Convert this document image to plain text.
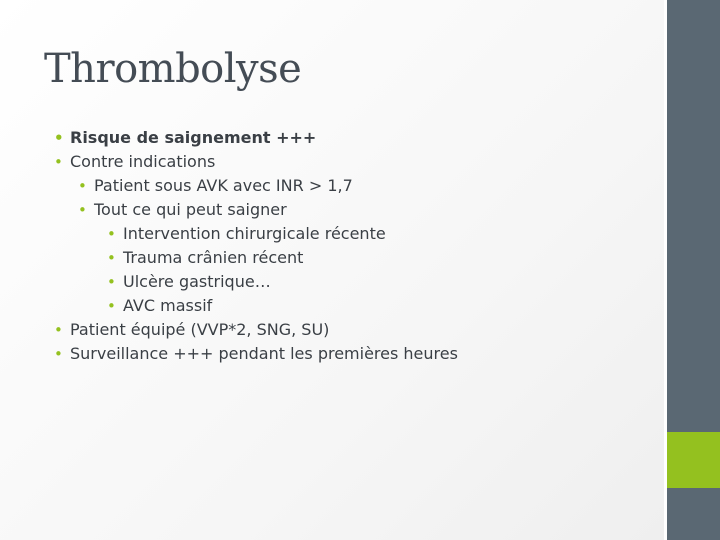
Thrombolyse
• Risque de saignement +++
• Contre indications
• Patient sous AVK avec INR > 1,7
• Tout ce qui peut saigner
• Intervention chirurgicale récente
• Trauma crânien récent
• Ulcère gastrique…
• AVC massif
• Patient équipé (VVP*2, SNG, SU)
• Surveillance +++ pendant les premières heures
